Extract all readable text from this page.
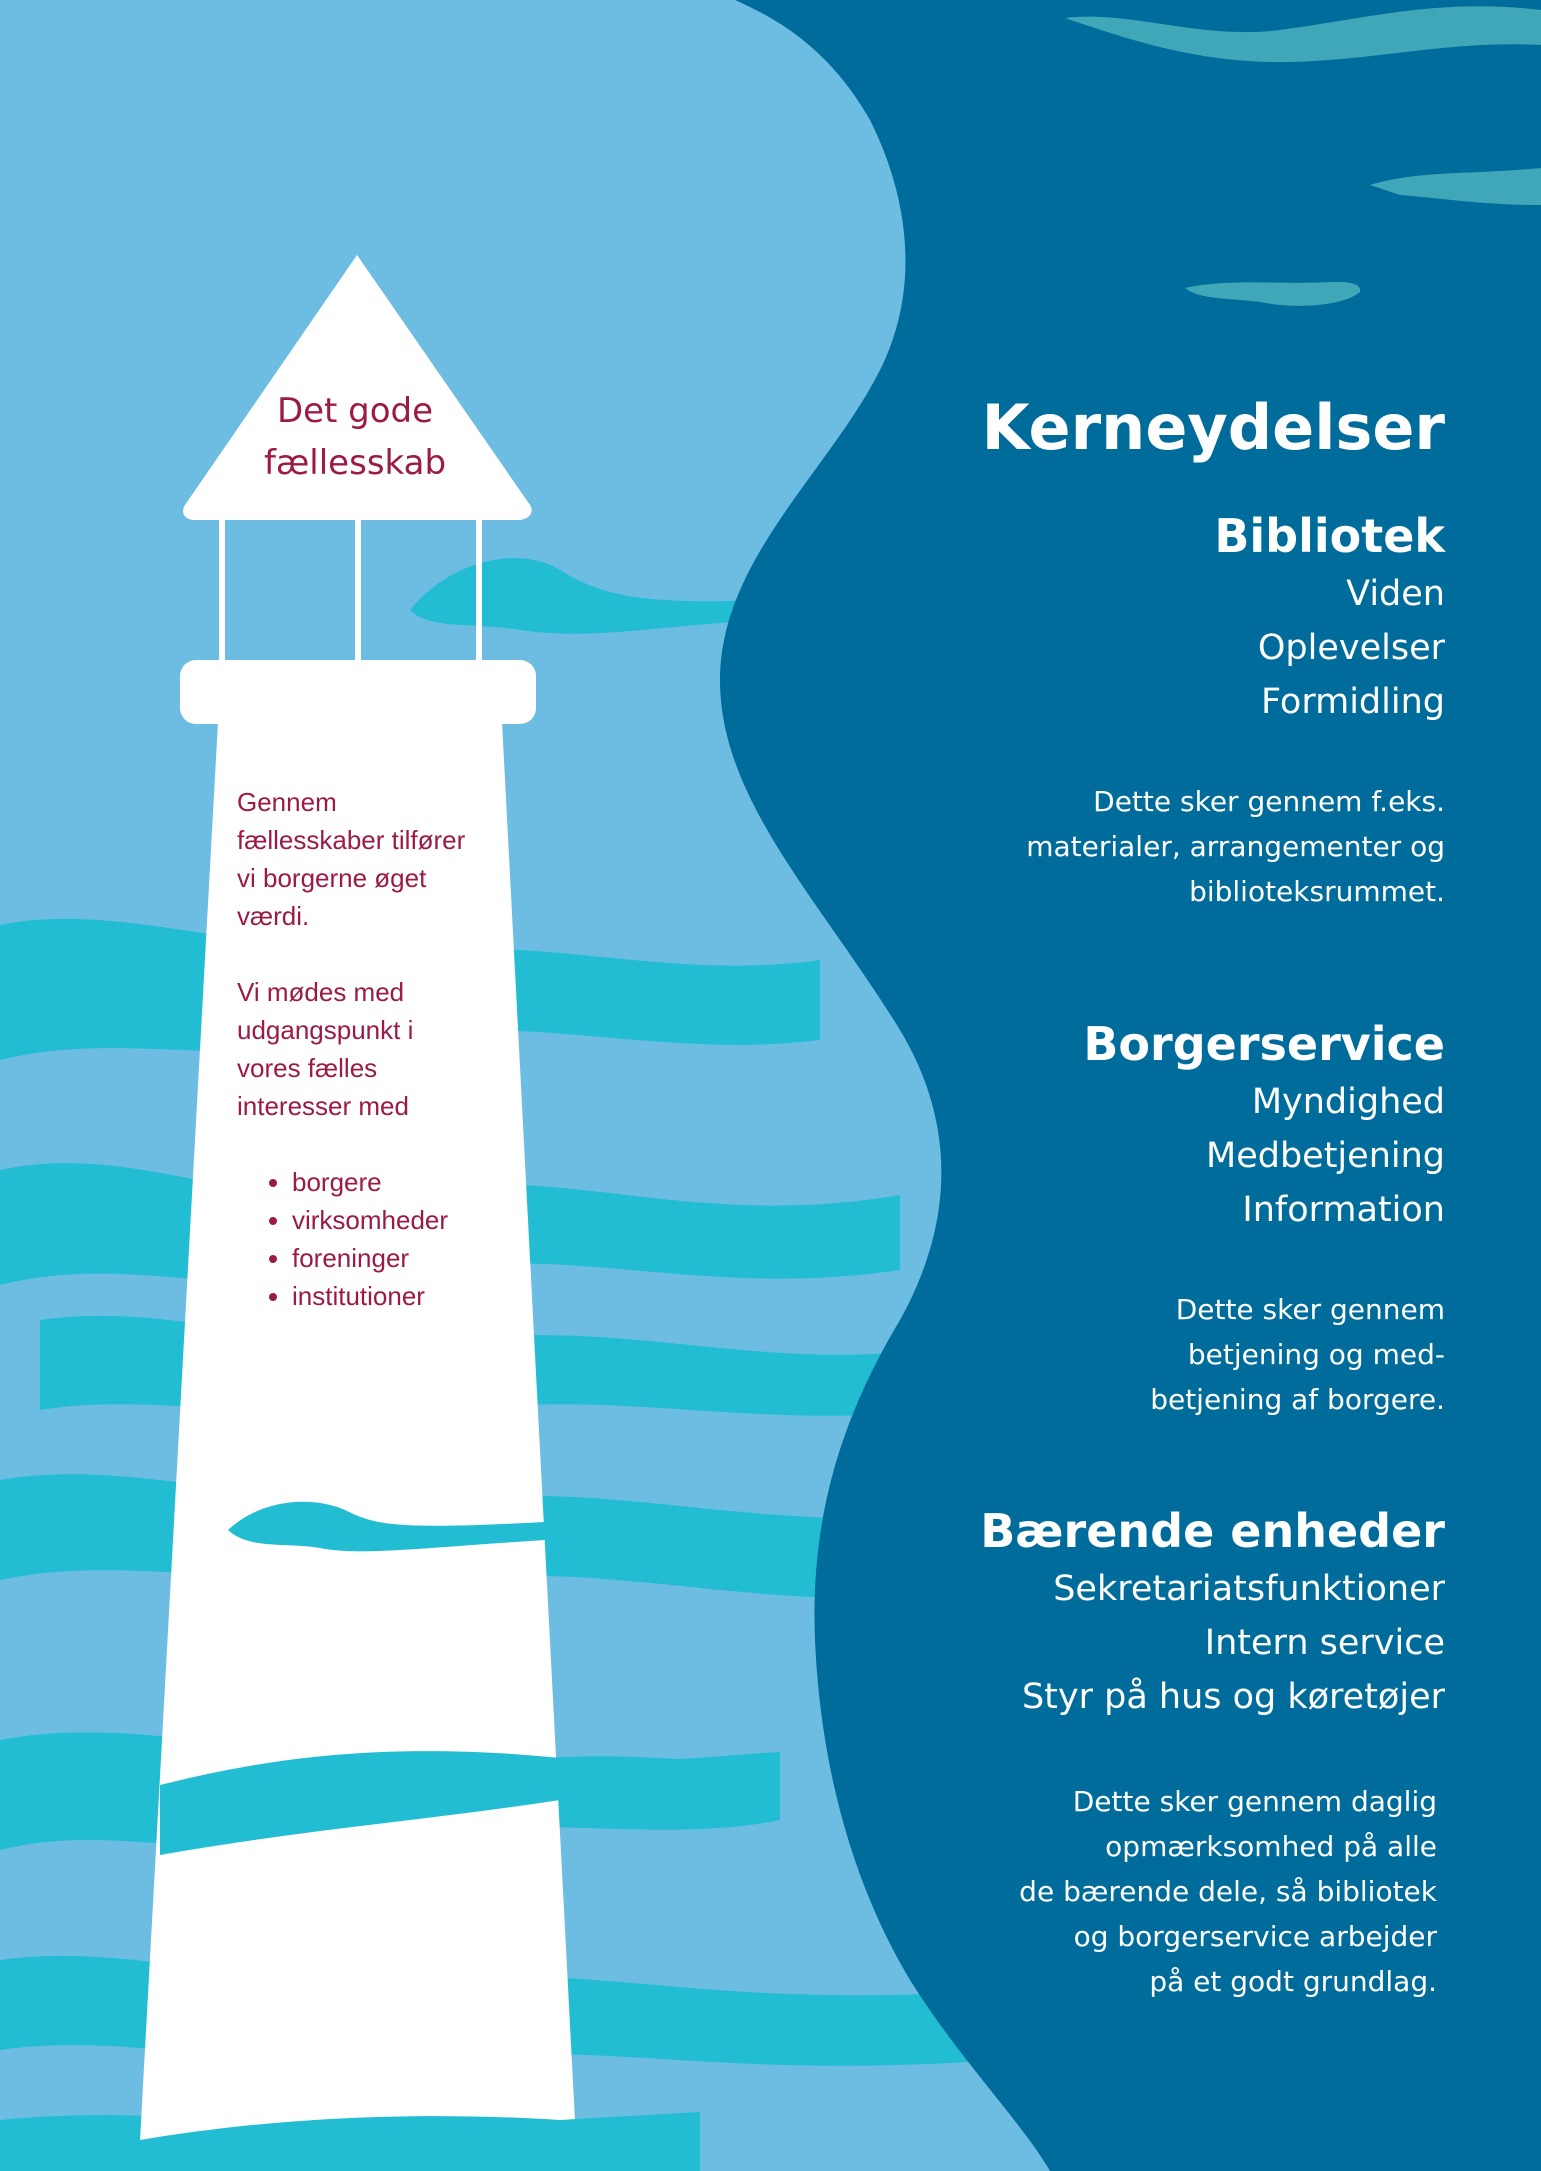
Det gode
fællesskab

Gennem

fællesskaber tilfører

vi borgerne øget

værdi.

Vi mødes med

udgangspunkt i

vores fælles

interesser med

• borgere
• virksomheder
• foreninger
• institutioner
Kerneydelser
Bibliotek
Viden
Oplevelser
Formidling
Dette sker gennem f.eks.
materialer, arrangementer og
biblioteksrummet.
Borgerservice
Myndighed
Medbetjening
Information
Dette sker gennem
betjening og med-
betjening af borgere.
Bærende enheder
Sekretariatsfunktioner
Intern service
Styr på hus og køretøjer
Dette sker gennem daglig
opmærksomhed på alle
de bærende dele, så bibliotek
og borgerservice arbejder
på et godt grundlag.
